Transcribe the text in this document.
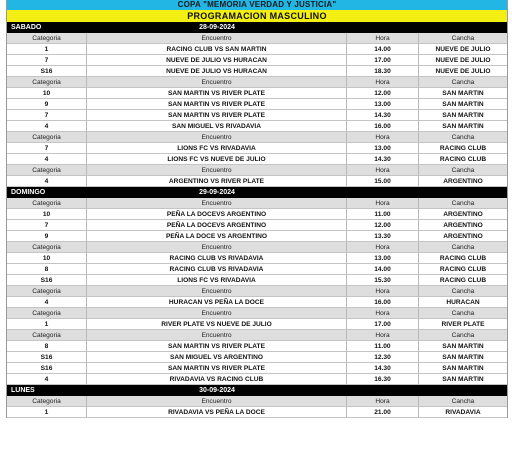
COPA "MEMORIA VERDAD Y JUSTICIA"
PROGRAMACION MASCULINO
SABADO	28-09-2024
Categoria	Encuentro	Hora	Cancha
1	RACING CLUB VS SAN MARTIN	14.00	NUEVE DE JULIO
7	NUEVE DE JULIO VS HURACAN	17.00	NUEVE DE JULIO
S16	NUEVE DE JULIO VS HURACAN	18.30	NUEVE DE JULIO
Categoria	Encuentro	Hora	Cancha
10	SAN MARTIN VS RIVER PLATE	12.00	SAN MARTIN
9	SAN MARTIN VS RIVER PLATE	13.00	SAN MARTIN
7	SAN MARTIN VS RIVER PLATE	14.30	SAN MARTIN
4	SAN MIGUEL VS RIVADAVIA	16.00	SAN MARTIN
Categoria	Encuentro	Hora	Cancha
7	LIONS FC VS RIVADAVIA	13.00	RACING CLUB
4	LIONS FC VS NUEVE DE JULIO	14.30	RACING CLUB
Categoria	Encuentro	Hora	Cancha
4	ARGENTINO VS RIVER PLATE	15.00	ARGENTINO
DOMINGO	29-09-2024
Categoria	Encuentro	Hora	Cancha
10	PEÑA LA DOCEVS ARGENTINO	11.00	ARGENTINO
7	PEÑA LA DOCEVS ARGENTINO	12.00	ARGENTINO
9	PEÑA LA DOCE VS ARGENTINO	13.30	ARGENTINO
Categoria	Encuentro	Hora	Cancha
10	RACING CLUB VS RIVADAVIA	13.00	RACING CLUB
8	RACING CLUB VS RIVADAVIA	14.00	RACING CLUB
S16	LIONS FC VS RIVADAVIA	15.30	RACING CLUB
Categoria	Encuentro	Hora	Cancha
4	HURACAN VS PEÑA LA DOCE	16.00	HURACAN
Categoria	Encuentro	Hora	Cancha
1	RIVER PLATE VS NUEVE DE JULIO	17.00	RIVER PLATE
Categoria	Encuentro	Hora	Cancha
8	SAN MARTIN VS RIVER PLATE	11.00	SAN MARTIN
S16	SAN MIGUEL VS ARGENTINO	12.30	SAN MARTIN
S16	SAN MARTIN VS RIVER PLATE	14.30	SAN MARTIN
4	RIVADAVIA VS RACING CLUB	16.30	SAN MARTIN
LUNES	30-09-2024
Categoria	Encuentro	Hora	Cancha
1	RIVADAVIA VS PEÑA LA DOCE	21.00	RIVADAVIA
